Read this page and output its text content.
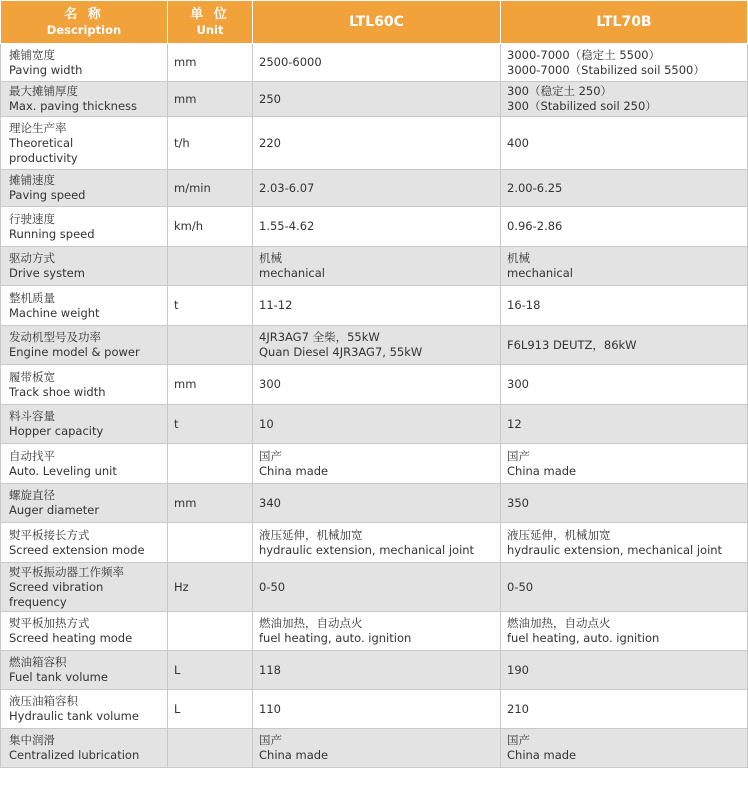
名 称
Description	单 位
Unit	LTL60C	LTL70B

摊铺宽度
Paving width	mm	2500-6000	3000-7000（稳定土 5500）
3000-7000（Stabilized soil 5500）

最大摊铺厚度
Max. paving thickness	mm	250	300（稳定土 250）
300（Stabilized soil 250）

理论生产率
Theoretical
productivity	t/h	220	400

摊铺速度
Paving speed	m/min	2.03-6.07	2.00-6.25

行驶速度
Running speed	km/h	1.55-4.62	0.96-2.86

驱动方式
Drive system		机械
mechanical	机械
mechanical

整机质量
Machine weight	t	11-12	16-18

发动机型号及功率
Engine model & power		4JR3AG7 全柴，55kW
Quan Diesel 4JR3AG7, 55kW	F6L913 DEUTZ，86kW

履带板宽
Track shoe width	mm	300	300

料斗容量
Hopper capacity	t	10	12

自动找平
Auto. Leveling unit		国产
China made	国产
China made

螺旋直径
Auger diameter	mm	340	350

熨平板接长方式
Screed extension mode		液压延伸，机械加宽
hydraulic extension, mechanical joint	液压延伸，机械加宽
hydraulic extension, mechanical joint

熨平板振动器工作频率
Screed vibration
frequency	Hz	0-50	0-50

熨平板加热方式
Screed heating mode		燃油加热，自动点火
fuel heating, auto. ignition	燃油加热，自动点火
fuel heating, auto. ignition

燃油箱容积
Fuel tank volume	L	118	190

液压油箱容积
Hydraulic tank volume	L	110	210

集中润滑
Centralized lubrication		国产
China made	国产
China made
